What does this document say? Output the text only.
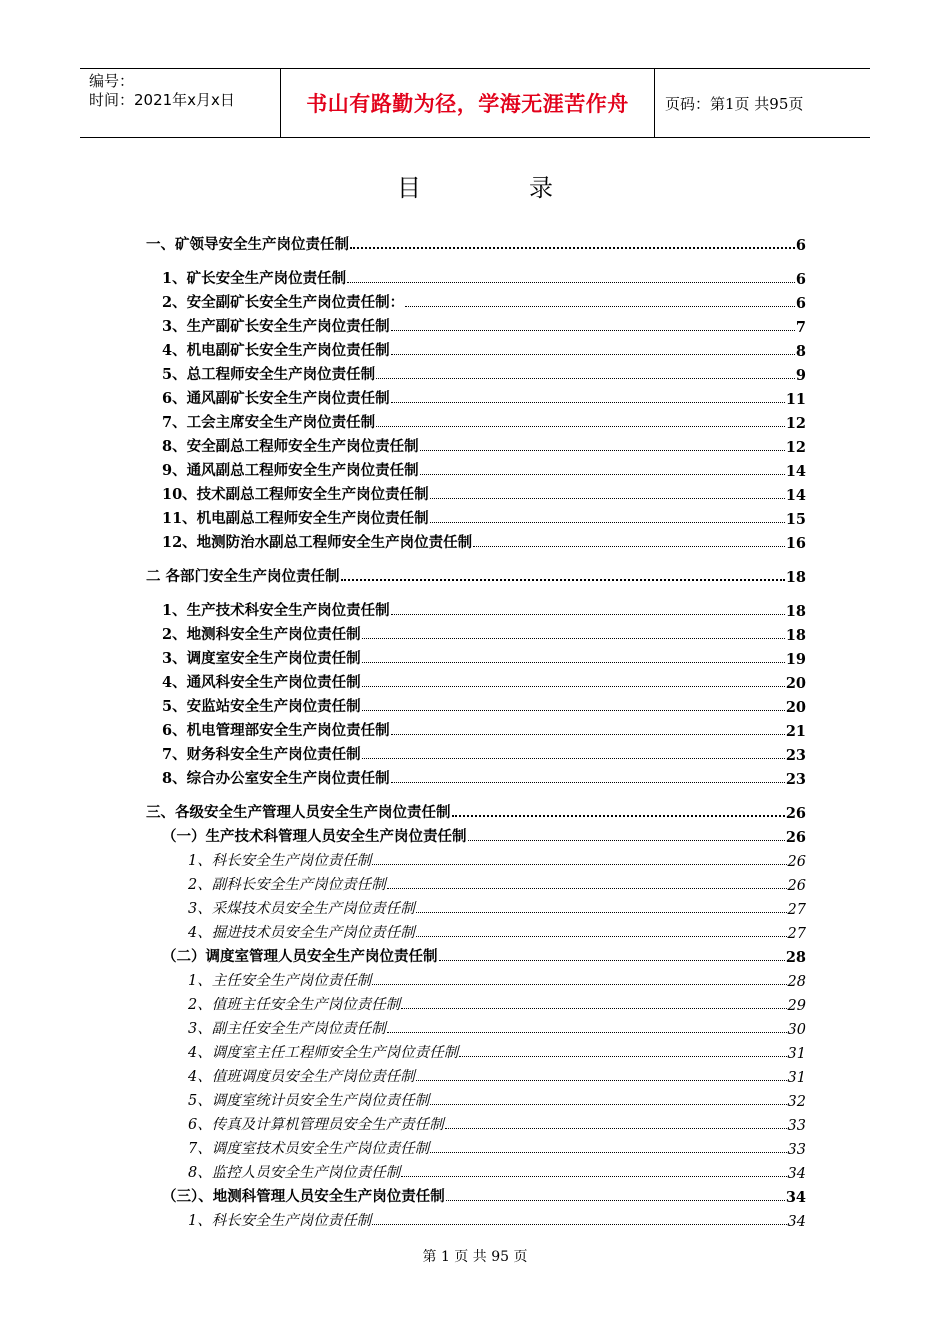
编号：
时间：2021年x月x日	书山有路勤为径，学海无涯苦作舟	页码：第1页 共95页
目	录
一、矿领导安全生产岗位责任制	6
1、矿长安全生产岗位责任制	6
2、安全副矿长安全生产岗位责任制：	6
3、生产副矿长安全生产岗位责任制	7
4、机电副矿长安全生产岗位责任制	8
5、总工程师安全生产岗位责任制	9
6、通风副矿长安全生产岗位责任制	11
7、工会主席安全生产岗位责任制	12
8、安全副总工程师安全生产岗位责任制	12
9、通风副总工程师安全生产岗位责任制	14
10、技术副总工程师安全生产岗位责任制	14
11、机电副总工程师安全生产岗位责任制	15
12、地测防治水副总工程师安全生产岗位责任制	16
二 各部门安全生产岗位责任制	18
1、生产技术科安全生产岗位责任制	18
2、地测科安全生产岗位责任制	18
3、调度室安全生产岗位责任制	19
4、通风科安全生产岗位责任制	20
5、安监站安全生产岗位责任制	20
6、机电管理部安全生产岗位责任制	21
7、财务科安全生产岗位责任制	23
8、综合办公室安全生产岗位责任制	23
三、各级安全生产管理人员安全生产岗位责任制	26
（一）生产技术科管理人员安全生产岗位责任制	26
1、科长安全生产岗位责任制	26
2、副科长安全生产岗位责任制	26
3、采煤技术员安全生产岗位责任制	27
4、掘进技术员安全生产岗位责任制	27
（二）调度室管理人员安全生产岗位责任制	28
1、主任安全生产岗位责任制	28
2、值班主任安全生产岗位责任制	29
3、副主任安全生产岗位责任制	30
4、调度室主任工程师安全生产岗位责任制	31
4、值班调度员安全生产岗位责任制	31
5、调度室统计员安全生产岗位责任制	32
6、传真及计算机管理员安全生产责任制	33
7、调度室技术员安全生产岗位责任制	33
8、监控人员安全生产岗位责任制	34
（三）、地测科管理人员安全生产岗位责任制	34
1、科长安全生产岗位责任制	34
第 1 页 共 95 页
